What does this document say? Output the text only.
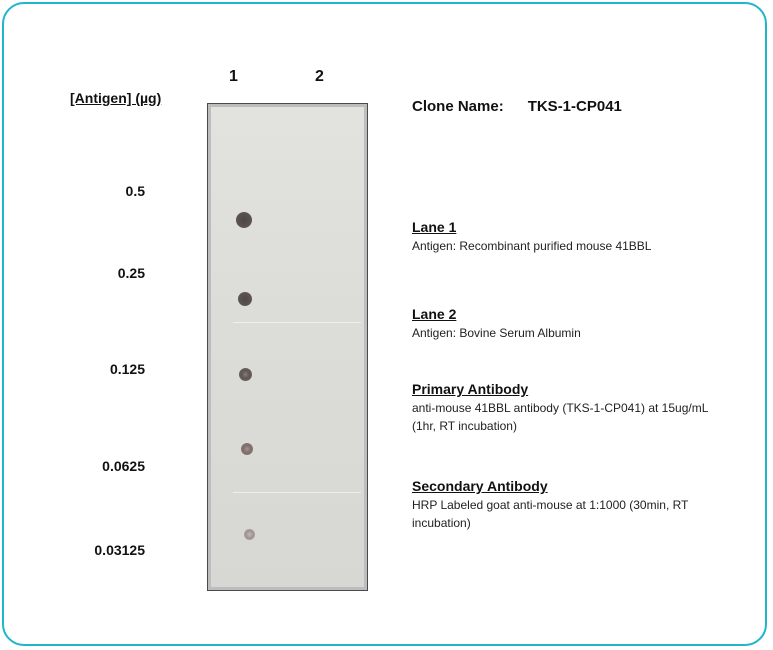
1	2
[Antigen] (µg)
0.5
0.25
0.125
0.0625
0.03125
Clone Name: TKS-1-CP041
Lane 1
Antigen: Recombinant purified mouse 41BBL
Lane 2
Antigen: Bovine Serum Albumin
Primary Antibody
anti-mouse 41BBL antibody (TKS-1-CP041) at 15ug/mL (1hr, RT incubation)
Secondary Antibody
HRP Labeled goat anti-mouse at 1:1000 (30min, RT incubation)
